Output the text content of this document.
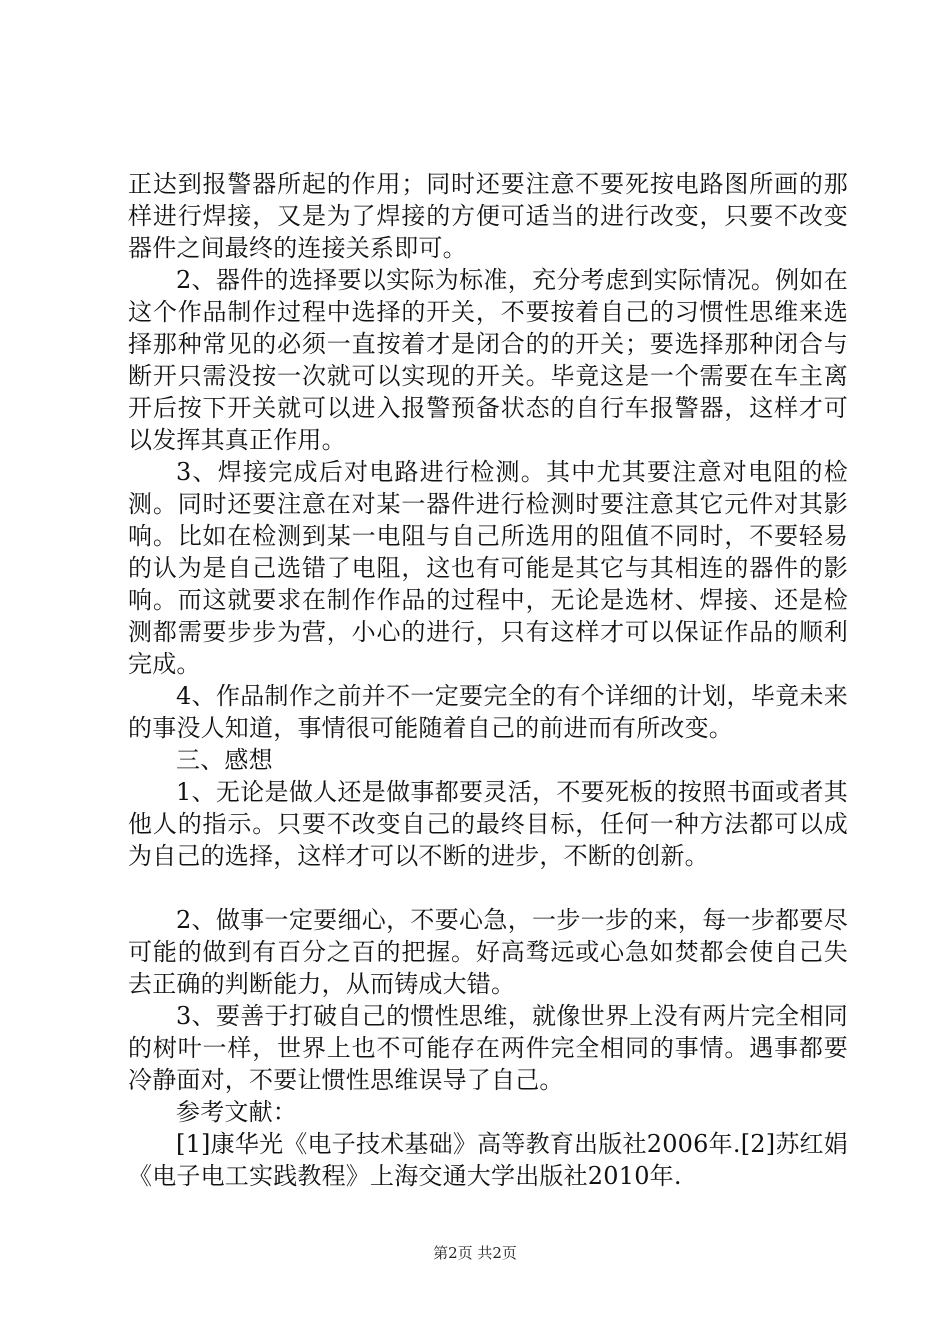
正达到报警器所起的作用；同时还要注意不要死按电路图所画的那样进行焊接，又是为了焊接的方便可适当的进行改变，只要不改变器件之间最终的连接关系即可。

2、器件的选择要以实际为标准，充分考虑到实际情况。例如在这个作品制作过程中选择的开关，不要按着自己的习惯性思维来选择那种常见的必须一直按着才是闭合的的开关；要选择那种闭合与断开只需没按一次就可以实现的开关。毕竟这是一个需要在车主离开后按下开关就可以进入报警预备状态的自行车报警器，这样才可以发挥其真正作用。

3、焊接完成后对电路进行检测。其中尤其要注意对电阻的检测。同时还要注意在对某一器件进行检测时要注意其它元件对其影响。比如在检测到某一电阻与自己所选用的阻值不同时，不要轻易的认为是自己选错了电阻，这也有可能是其它与其相连的器件的影响。而这就要求在制作作品的过程中，无论是选材、焊接、还是检测都需要步步为营，小心的进行，只有这样才可以保证作品的顺利完成。

4、作品制作之前并不一定要完全的有个详细的计划，毕竟未来的事没人知道，事情很可能随着自己的前进而有所改变。

三、感想

1、无论是做人还是做事都要灵活，不要死板的按照书面或者其他人的指示。只要不改变自己的最终目标，任何一种方法都可以成为自己的选择，这样才可以不断的进步，不断的创新。

2、做事一定要细心，不要心急，一步一步的来，每一步都要尽可能的做到有百分之百的把握。好高骛远或心急如焚都会使自己失去正确的判断能力，从而铸成大错。

3、要善于打破自己的惯性思维，就像世界上没有两片完全相同的树叶一样，世界上也不可能存在两件完全相同的事情。遇事都要冷静面对，不要让惯性思维误导了自己。

参考文献：

[1]康华光《电子技术基础》高等教育出版社2006年.[2]苏红娟《电子电工实践教程》上海交通大学出版社2010年.

第2页 共2页
